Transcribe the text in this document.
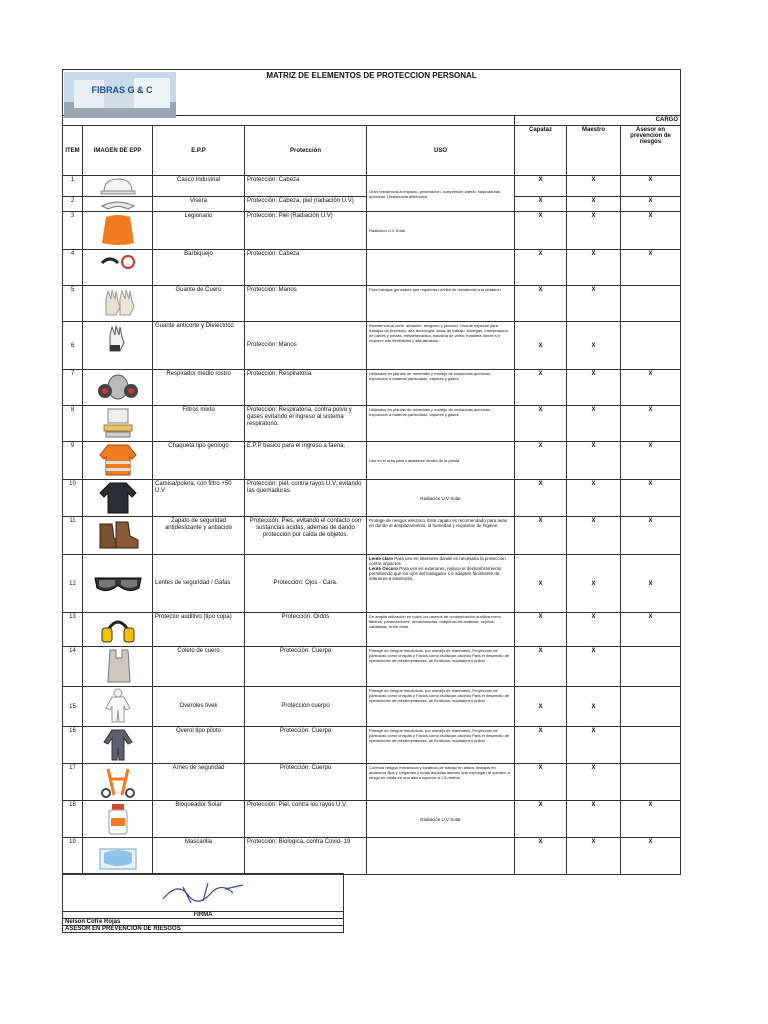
FIBRAS G & C
MATRIZ DE ELEMENTOS DE PROTECCION PERSONAL							
					CARGO		
ITEM	IMAGEN DE EPP	E.P.P	Protección	USO	Capataz	Maestro	Asesor en prevencion de riesgos
1		Casco Industrial	Protección: Cabeza	Gran resistencia al impacto, penetración, compresión lateral, salpicaduras químicas. Resistencia dieléctrica	X	X	X
2		Visera	Protección: Cabeza, piel (radiación U.V)		X	X	X
3		Legionario	Protección: Piel (Radiación U.V)	Radiación U.V Solar	X	X	X
4		Barbiquejo	Protección: Cabeza		X	X	X
5		Guante de Cuero	Protección: Manos	Para trabajos generales que requieran niveles de resistencia a la abrasión	X	X	
6		Guante anticorte y Dielectrico	Protección: Manos	Resistencia al corte, abrasión, desgarro y punción. Guante especial para trabajos de precisión, alta tecnología, salas de trabajo, bodegas, manipulación de partes y piezas, metalmecánica, industria de vidrio, industria donde s e requiere alta flexibilidad y alta abrasión.	X	X	
7		Respirador medio rostro	Protección: Respiratoria.	Utilizados en plantas de minerales y manejo de sustancias químicas , exposicion a material particulado, vapores y gases	X	X	X
8		Filtros mixto	Protección: Respiratoria, contra polvo y gases evitando el ingreso al sistema respiratorio.	Utilizados en plantas de minerales y manejo de sustancias químicas , exposicion a material particulado, vapores y gases	X	X	X
9		Chaqueta tipo geologo	E.P.P basico para el ingreso a faena.	Uso en el area para trasladarse dentro de la planta	X	X	X
10		Camisa/polera, con filtro +50 U.V	Protección: piel, contra rayos U.V, evitando las quemaduras.	Radiación U.V Solar	X	X	X
11		Zapato de seguridad antideslizante y antiacido	Protección: Pies, evitando el contacto con sustancias acidas, ademas de dando protección por caida de objetos.	Protege de riesgos eléctrico. Este zapato es recomendado para áeas en donde el desplazamiento, la humedad y requisitos de higiene	X	X	X
12		Lentes de seguridad / Gafas	Protección: Ojos - Cara.	Lente claro Para uso en interiores donde es necesaria la protección contra impactos
Lente Oscuro Para uso en exteriores, reduce el deslumbramiento permitiendo que los ojos del trabajador s e adapten fácilmente de interiores a exteriores.	X	X	X
13		Protector auditivo (tipo copa)	Protección: Oídos	De amplia utilización en todos los rasmos de contaminación auditiva como talleres, parasoladores, remachadoras, máquinas neumáticas, cepillos, cabalistas, entre otras.	X	X	X
14		Coleto de cuero	Protección: Cuerpo	Protege de riesgos mecánicos, por manejo de materiales, Proyección de partículas como chispas y Fricios como radiación calórica Para el desarrollo de operaciones de metálmecanizas, de fundición, soldadura y pulido	X	X	
15		Overoles tivek	Protección cuerpo	Protege de riesgos mecánicos, por manejo de materiales, Proyección de partículas como chispas y Fricios como radiación calórica Para el desarrollo de operaciones de metálmecanizas, de fundición, soldadura y pulido	X	X	
16		Overol tipo piloto	Protección: Cuerpo	Protege de riesgos mecánicos, por manejo de materiales, Proyección de partículas como chispas y Fricios como radiación calórica Para el desarrollo de operaciones de metálmecanizas, de fundición, soldadura y pulido	X	X	
17		Arnes de seguridad	Protección: Cuerpo	Controla riesgos mecánicos y locativos de trabajo en altura, trabajos en andamios fijos y colgantes y todas aquellas labores que expongan al operario a riesgo de caída en una altura superior a 1.5 metros.	X	X	
18		Bloqueador Solar	Protección: Piel, contra los rayos U.V	Radiación U.V Solar	X	X	X
19		Mascarilla	Protección: Biologica, contra Covid- 19		X	X	X

FIRMA
Nelson Cofre Rojas
ASESOR EN PREVENCION DE RIESGOS
